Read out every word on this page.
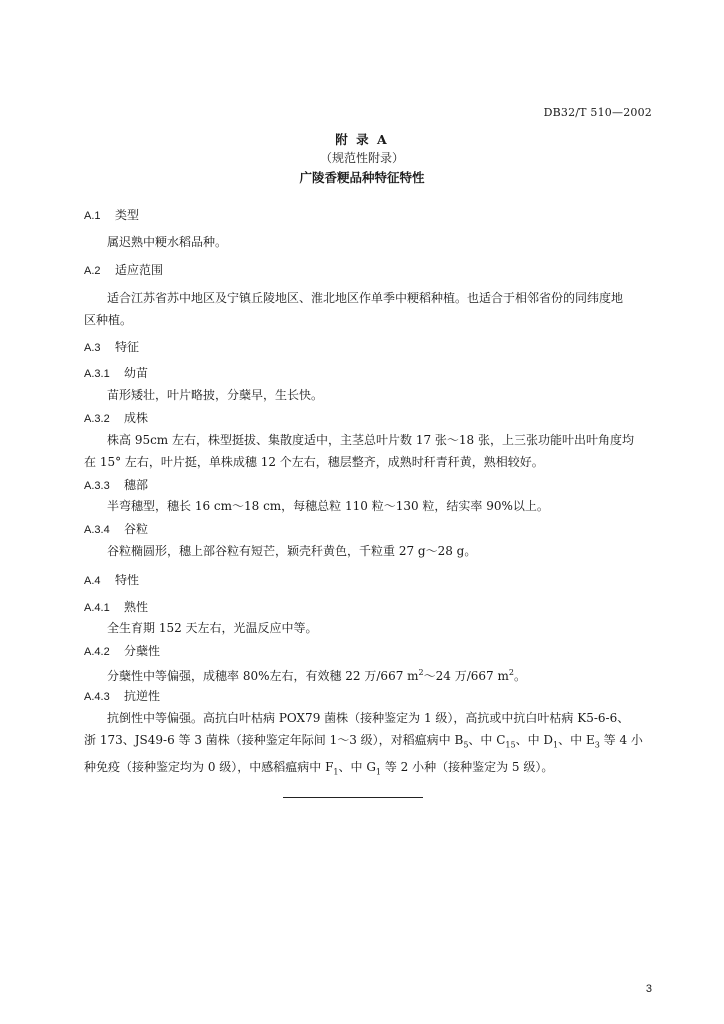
DB32/T 510—2002
附 录 A
（规范性附录）
广陵香粳品种特征特性
A.1 类型
属迟熟中粳水稻品种。
A.2 适应范围
适合江苏省苏中地区及宁镇丘陵地区、淮北地区作单季中粳稻种植。也适合于相邻省份的同纬度地
区种植。
A.3 特征
A.3.1 幼苗
苗形矮壮，叶片略披，分蘖早，生长快。
A.3.2 成株
株高 95cm 左右，株型挺拔、集散度适中，主茎总叶片数 17 张～18 张，上三张功能叶出叶角度均
在 15° 左右，叶片挺，单株成穗 12 个左右，穗层整齐，成熟时秆青秆黄，熟相较好。
A.3.3 穗部
半弯穗型，穗长 16 cm～18 cm，每穗总粒 110 粒～130 粒，结实率 90%以上。
A.3.4 谷粒
谷粒椭圆形，穗上部谷粒有短芒，颖壳秆黄色，千粒重 27 g～28 g。
A.4 特性
A.4.1 熟性
全生育期 152 天左右，光温反应中等。
A.4.2 分蘖性
分蘖性中等偏强，成穗率 80%左右，有效穗 22 万/667 $m^2\sim 24$ 万/667 $m^2$。
A.4.3 抗逆性
抗倒性中等偏强。高抗白叶枯病 POX79 菌株（接种鉴定为 1 级），高抗或中抗白叶枯病 K5-6-6、
浙 173、JS49-6 等 3 菌株（接种鉴定年际间 1～3 级），对稻瘟病中 $B_5$、中 $C_{15}$、中 $D_1$、中 $E_3$ 等 4 小
种免疫（接种鉴定均为 0 级），中感稻瘟病中 $F_1$、中 $G_1$ 等 2 小种（接种鉴定为 5 级）。
3
